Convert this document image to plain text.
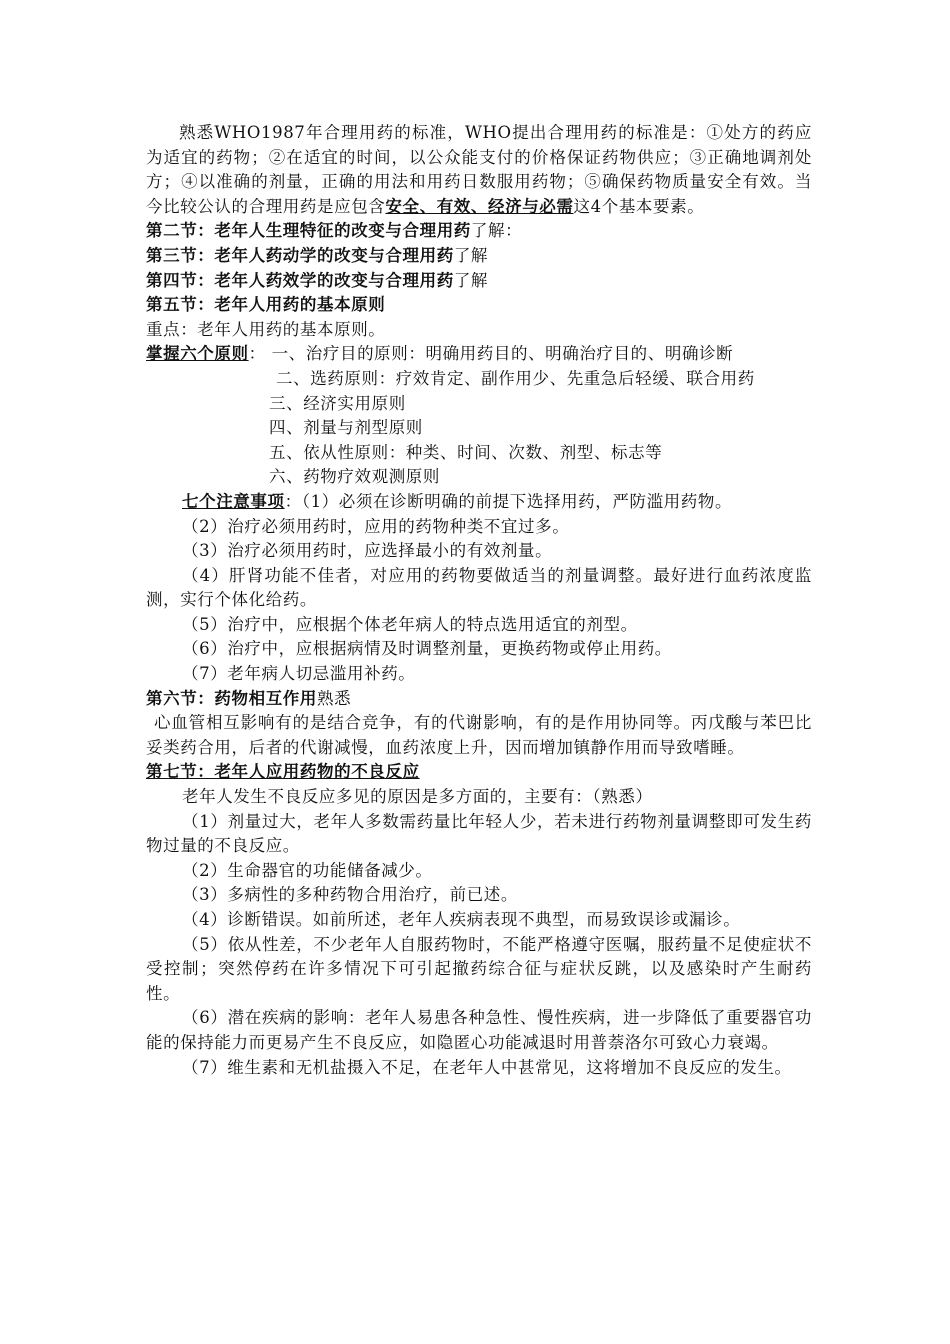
熟悉WHO1987年合理用药的标准，WHO提出合理用药的标准是：①处方的药应为适宜的药物；②在适宜的时间，以公众能支付的价格保证药物供应；③正确地调剂处方；④以准确的剂量，正确的用法和用药日数服用药物；⑤确保药物质量安全有效。当今比较公认的合理用药是应包含安全、有效、经济与必需这4个基本要素。

第二节：老年人生理特征的改变与合理用药了解：

第三节：老年人药动学的改变与合理用药了解

第四节：老年人药效学的改变与合理用药了解

第五节：老年人用药的基本原则

重点：老年人用药的基本原则。

掌握六个原则： 一、治疗目的原则：明确用药目的、明确治疗目的、明确诊断

二、选药原则：疗效肯定、副作用少、先重急后轻缓、联合用药

三、经济实用原则

四、剂量与剂型原则

五、依从性原则：种类、时间、次数、剂型、标志等

六、药物疗效观测原则

七个注意事项：（1）必须在诊断明确的前提下选择用药，严防滥用药物。

（2）治疗必须用药时，应用的药物种类不宜过多。

（3）治疗必须用药时，应选择最小的有效剂量。

（4）肝肾功能不佳者，对应用的药物要做适当的剂量调整。最好进行血药浓度监测，实行个体化给药。

（5）治疗中，应根据个体老年病人的特点选用适宜的剂型。

（6）治疗中，应根据病情及时调整剂量，更换药物或停止用药。

（7）老年病人切忌滥用补药。

第六节：药物相互作用熟悉

心血管相互影响有的是结合竞争，有的代谢影响，有的是作用协同等。丙戊酸与苯巴比妥类药合用，后者的代谢减慢，血药浓度上升，因而增加镇静作用而导致嗜睡。

第七节：老年人应用药物的不良反应

老年人发生不良反应多见的原因是多方面的，主要有：（熟悉）

（1）剂量过大，老年人多数需药量比年轻人少，若未进行药物剂量调整即可发生药物过量的不良反应。

（2）生命器官的功能储备减少。

（3）多病性的多种药物合用治疗，前已述。

（4）诊断错误。如前所述，老年人疾病表现不典型，而易致误诊或漏诊。

（5）依从性差，不少老年人自服药物时，不能严格遵守医嘱，服药量不足使症状不受控制；突然停药在许多情况下可引起撤药综合征与症状反跳，以及感染时产生耐药性。

（6）潜在疾病的影响：老年人易患各种急性、慢性疾病，进一步降低了重要器官功能的保持能力而更易产生不良反应，如隐匿心功能减退时用普萘洛尔可致心力衰竭。

（7）维生素和无机盐摄入不足，在老年人中甚常见，这将增加不良反应的发生。
